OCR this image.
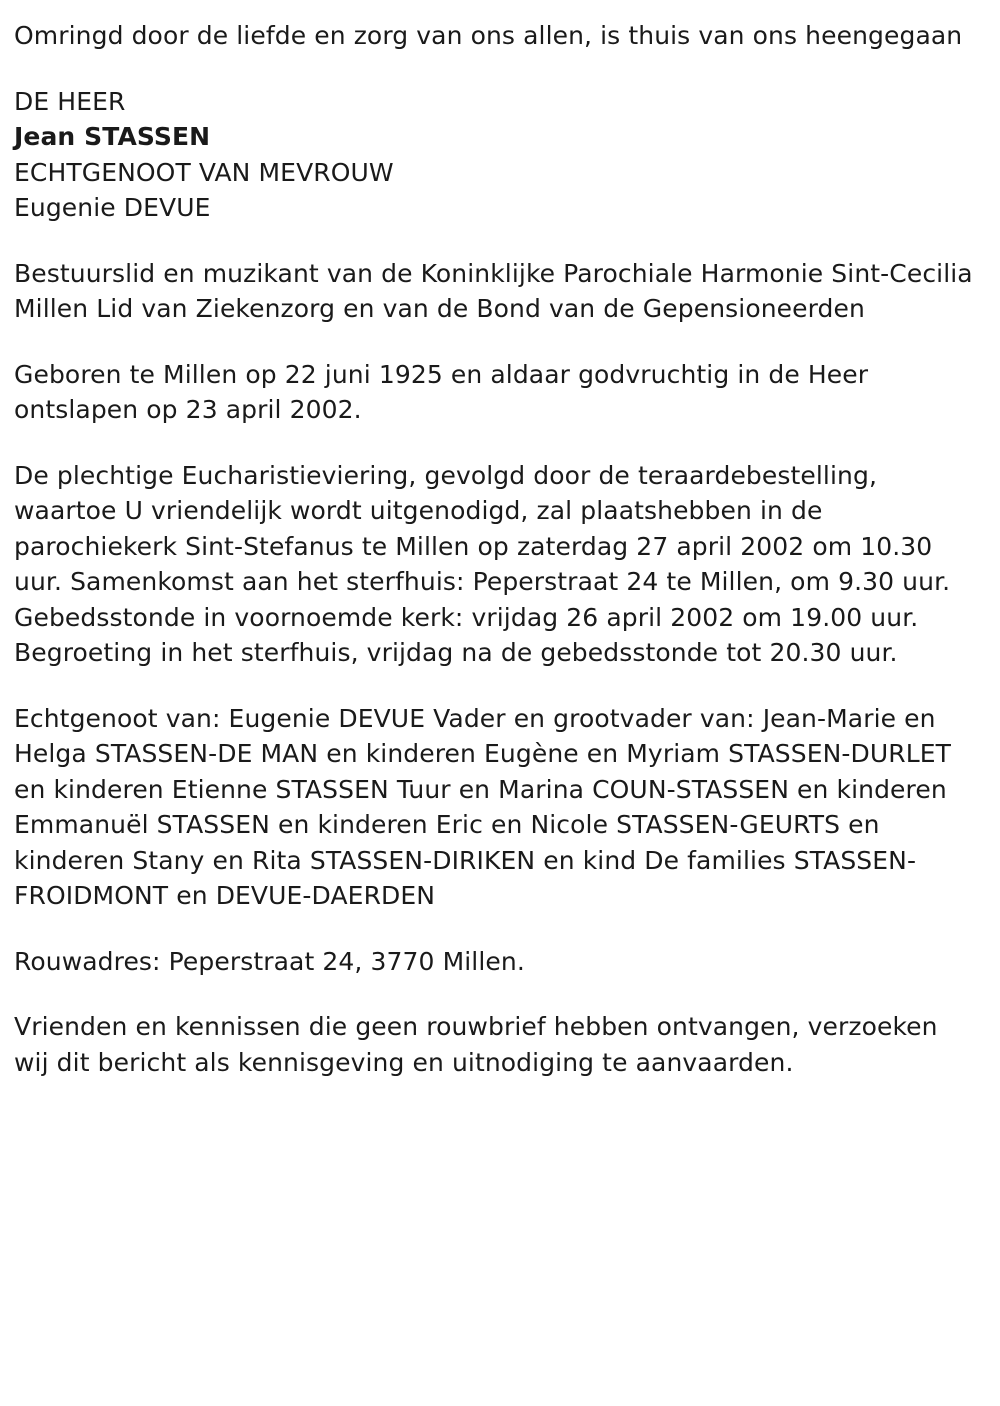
Omringd door de liefde en zorg van ons allen, is thuis van ons heengegaan

DE HEER

Jean STASSEN

ECHTGENOOT VAN MEVROUW

Eugenie DEVUE

Bestuurslid en muzikant van de Koninklijke Parochiale Harmonie Sint-Cecilia Millen Lid van Ziekenzorg en van de Bond van de Gepensioneerden

Geboren te Millen op 22 juni 1925 en aldaar godvruchtig in de Heer ontslapen op 23 april 2002.

De plechtige Eucharistieviering, gevolgd door de teraardebestelling, waartoe U vriendelijk wordt uitgenodigd, zal plaatshebben in de parochiekerk Sint-Stefanus te Millen op zaterdag 27 april 2002 om 10.30 uur. Samenkomst aan het sterfhuis: Peperstraat 24 te Millen, om 9.30 uur. Gebedsstonde in voornoemde kerk: vrijdag 26 april 2002 om 19.00 uur. Begroeting in het sterfhuis, vrijdag na de gebedsstonde tot 20.30 uur.

Echtgenoot van: Eugenie DEVUE Vader en grootvader van: Jean-Marie en Helga STASSEN-DE MAN en kinderen Eugène en Myriam STASSEN-DURLET en kinderen Etienne STASSEN Tuur en Marina COUN-STASSEN en kinderen Emmanuël STASSEN en kinderen Eric en Nicole STASSEN-GEURTS en kinderen Stany en Rita STASSEN-DIRIKEN en kind De families STASSEN-FROIDMONT en DEVUE-DAERDEN

Rouwadres: Peperstraat 24, 3770 Millen.

Vrienden en kennissen die geen rouwbrief hebben ontvangen, verzoeken wij dit bericht als kennisgeving en uitnodiging te aanvaarden.
